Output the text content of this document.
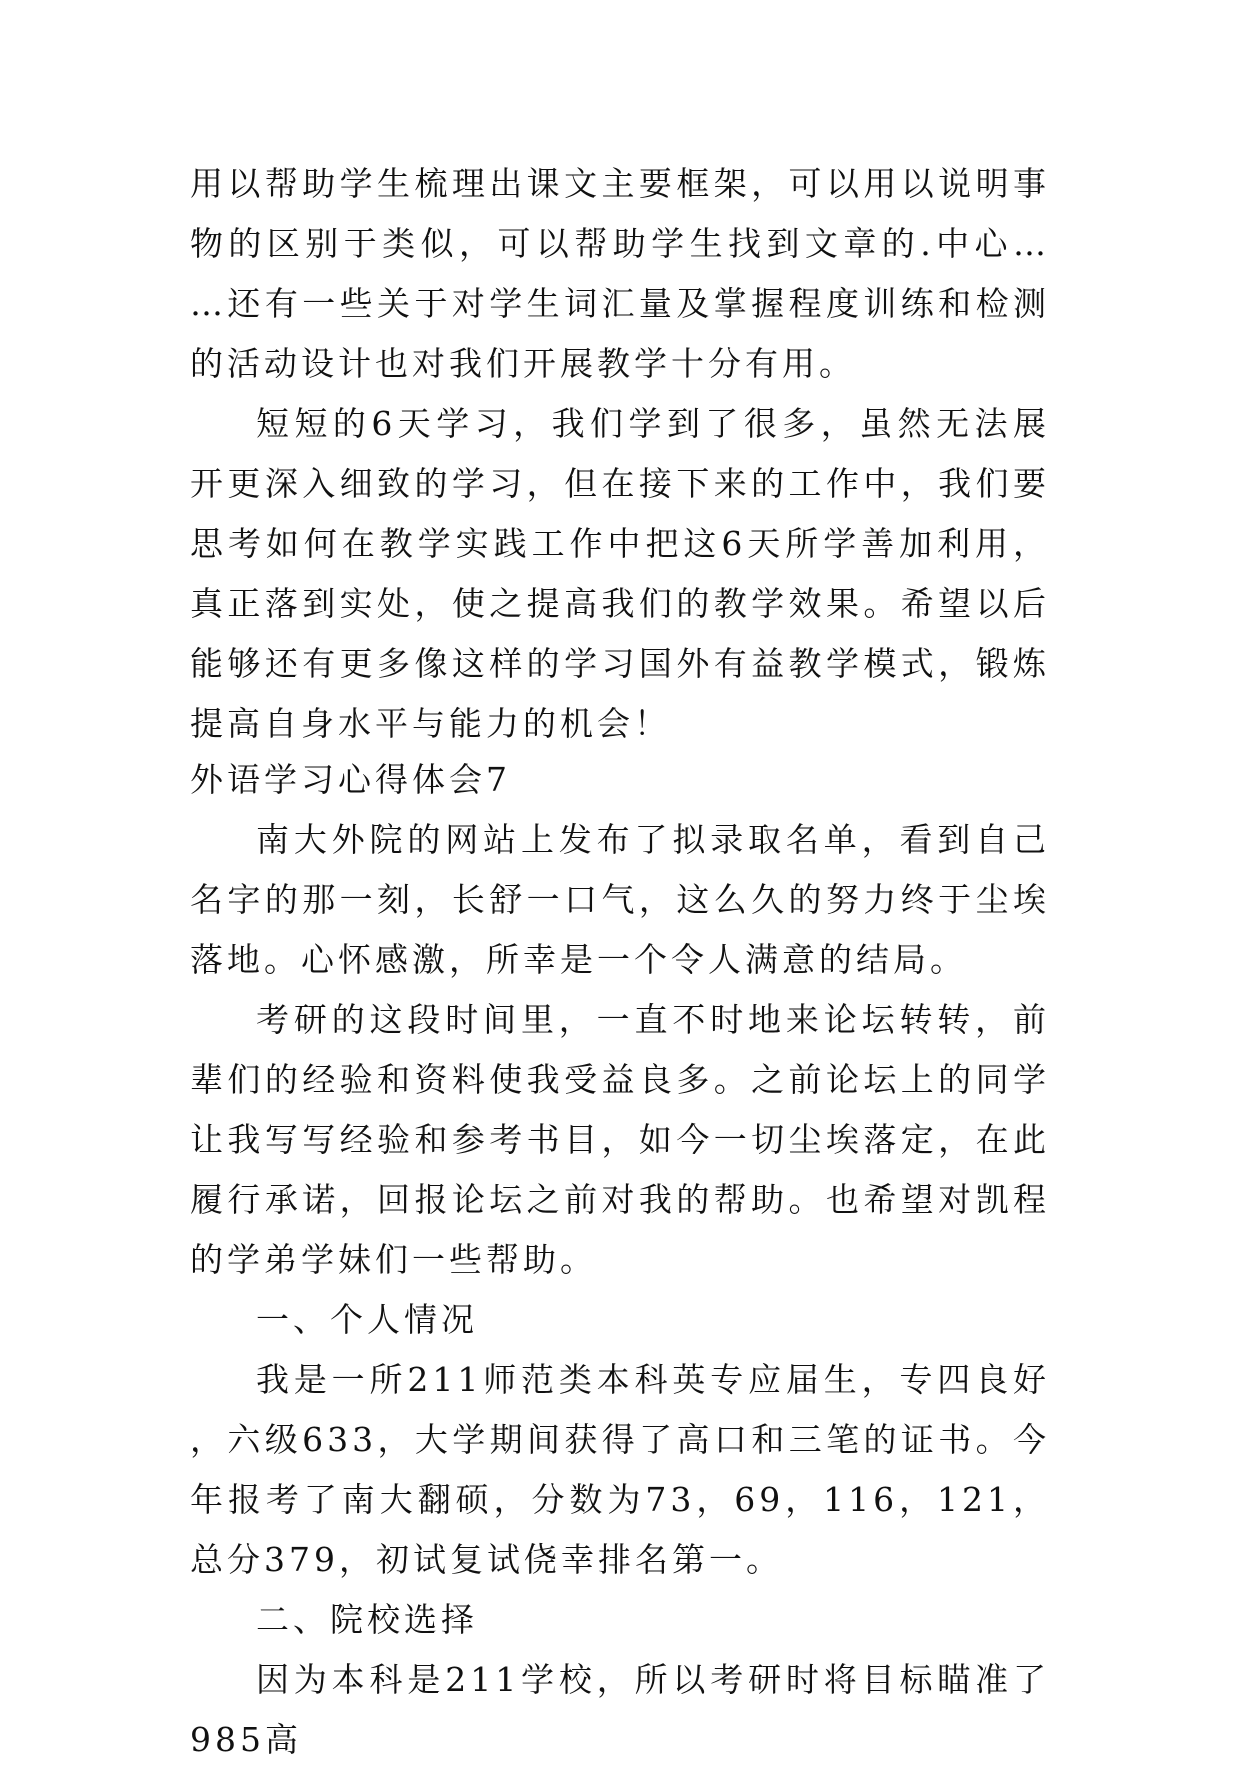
用以帮助学生梳理出课文主要框架，可以用以说明事物的区别于类似，可以帮助学生找到文章的.中心……还有一些关于对学生词汇量及掌握程度训练和检测的活动设计也对我们开展教学十分有用。

短短的6天学习，我们学到了很多，虽然无法展开更深入细致的学习，但在接下来的工作中，我们要思考如何在教学实践工作中把这6天所学善加利用，真正落到实处，使之提高我们的教学效果。希望以后能够还有更多像这样的学习国外有益教学模式，锻炼提高自身水平与能力的机会！

外语学习心得体会7

南大外院的网站上发布了拟录取名单，看到自己名字的那一刻，长舒一口气，这么久的努力终于尘埃落地。心怀感激，所幸是一个令人满意的结局。

考研的这段时间里，一直不时地来论坛转转，前辈们的经验和资料使我受益良多。之前论坛上的同学让我写写经验和参考书目，如今一切尘埃落定，在此履行承诺，回报论坛之前对我的帮助。也希望对凯程的学弟学妹们一些帮助。

一、个人情况

我是一所211师范类本科英专应届生，专四良好，六级633，大学期间获得了高口和三笔的证书。今年报考了南大翻硕，分数为73，69，116，121，总分379，初试复试侥幸排名第一。

二、院校选择

因为本科是211学校，所以考研时将目标瞄准了985高
